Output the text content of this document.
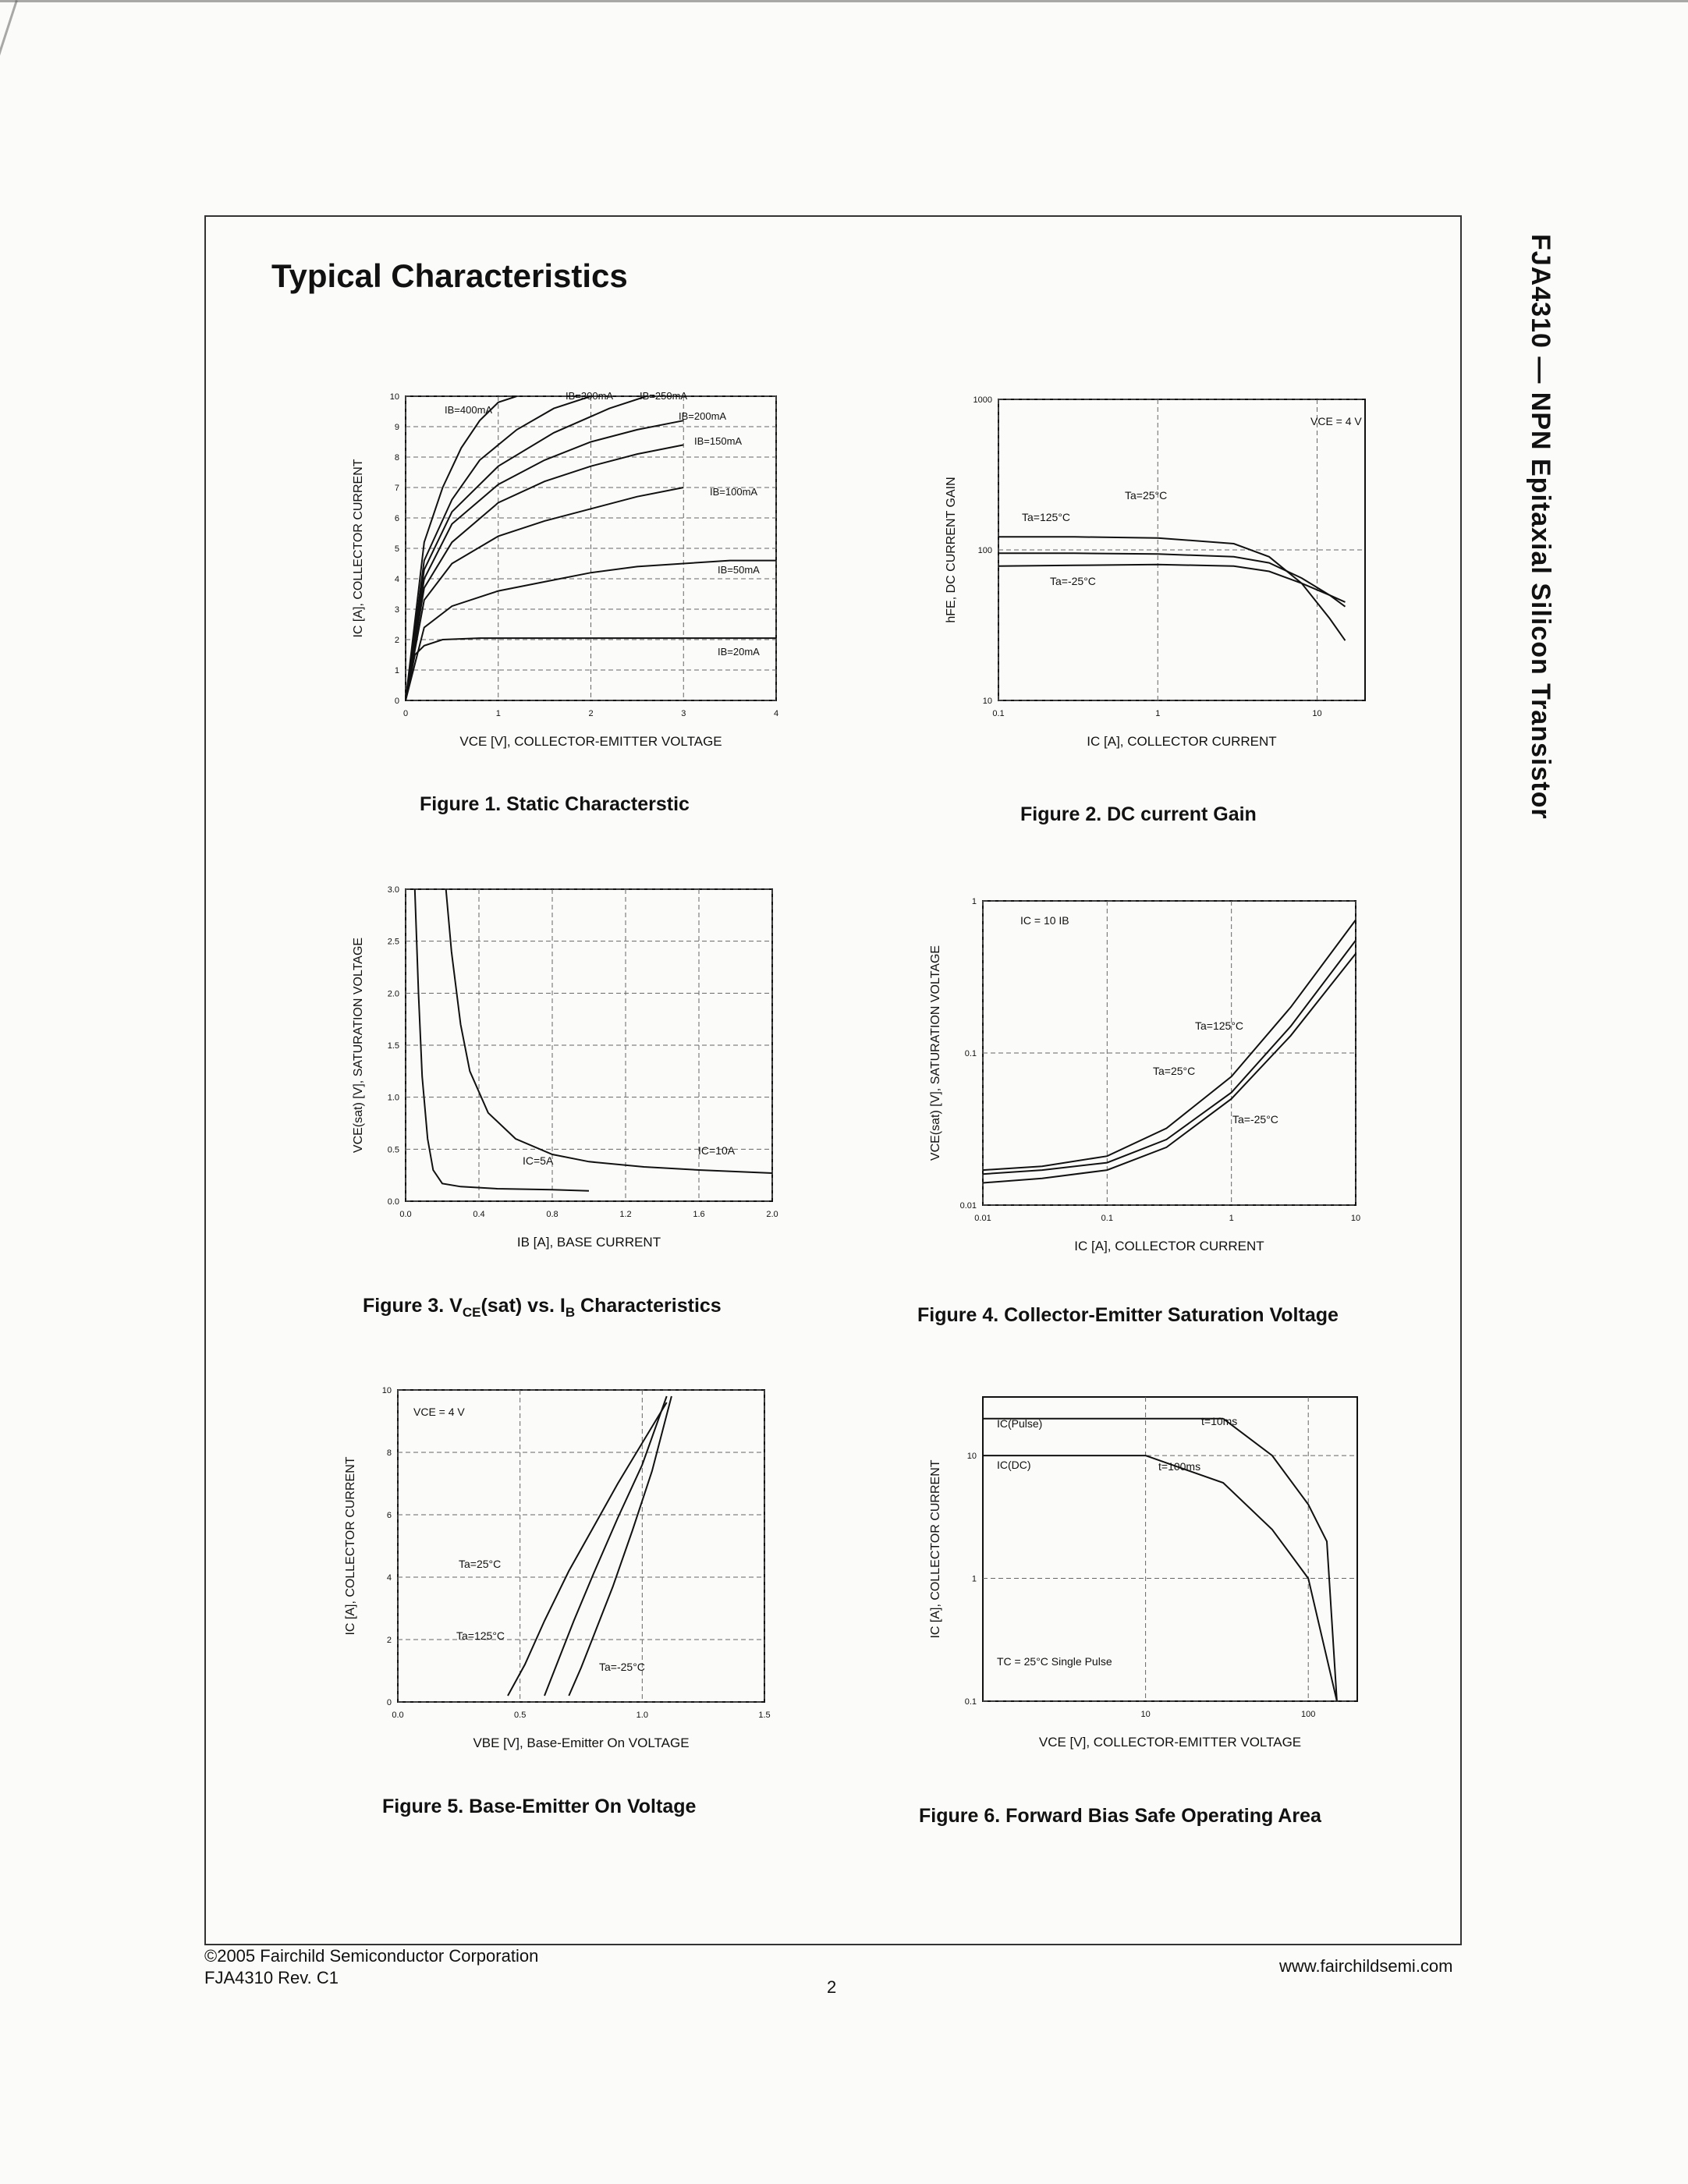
Typical Characteristics	FJA4310 — NPN Epitaxial Silicon Transistor
0	1	2	3	4
0
1
2
3
4
5
6
7
8
9
10
VCE [V], COLLECTOR-EMITTER VOLTAGE
IC [A], COLLECTOR CURRENT
IB=400mA
IB=300mA	IB=250mA
IB=200mA
IB=150mA
IB=100mA
IB=50mA
IB=20mA
Figure 1. Static Characterstic
0.1	1	10
10
100
1000
IC [A], COLLECTOR CURRENT
hFE, DC CURRENT GAIN
VCE = 4 V
Ta=125°C
Ta=25°C
Ta=-25°C
Figure 2. DC current Gain
0.0	0.4	0.8	1.2	1.6	2.0
0.0
0.5
1.0
1.5
2.0
2.5
3.0
IB [A], BASE CURRENT
VCE(sat) [V], SATURATION VOLTAGE
IC=5A
IC=10A
Figure 3. $V_{CE}(sat)$ vs. $I_B$ Characteristics
0.01	0.1	1	10
0.01
0.1
1
IC [A], COLLECTOR CURRENT
VCE(sat) [V], SATURATION VOLTAGE
IC = 10 IB
Ta=125°C
Ta=25°C
Ta=-25°C
Figure 4. Collector-Emitter Saturation Voltage
0.0	0.5	1.0	1.5
0
2
4
6
8
10
VBE [V], Base-Emitter On VOLTAGE
IC [A], COLLECTOR CURRENT
VCE = 4 V
Ta=25°C
Ta=125°C
Ta=-25°C
Figure 5. Base-Emitter On Voltage
10	100
0.1
1
10
VCE [V], COLLECTOR-EMITTER VOLTAGE
IC [A], COLLECTOR CURRENT
IC(Pulse)
IC(DC)
t=10ms
t=100ms
TC = 25°C Single Pulse
Figure 6. Forward Bias Safe Operating Area
©2005 Fairchild Semiconductor Corporation
FJA4310 Rev. C1	2
www.fairchildsemi.com
